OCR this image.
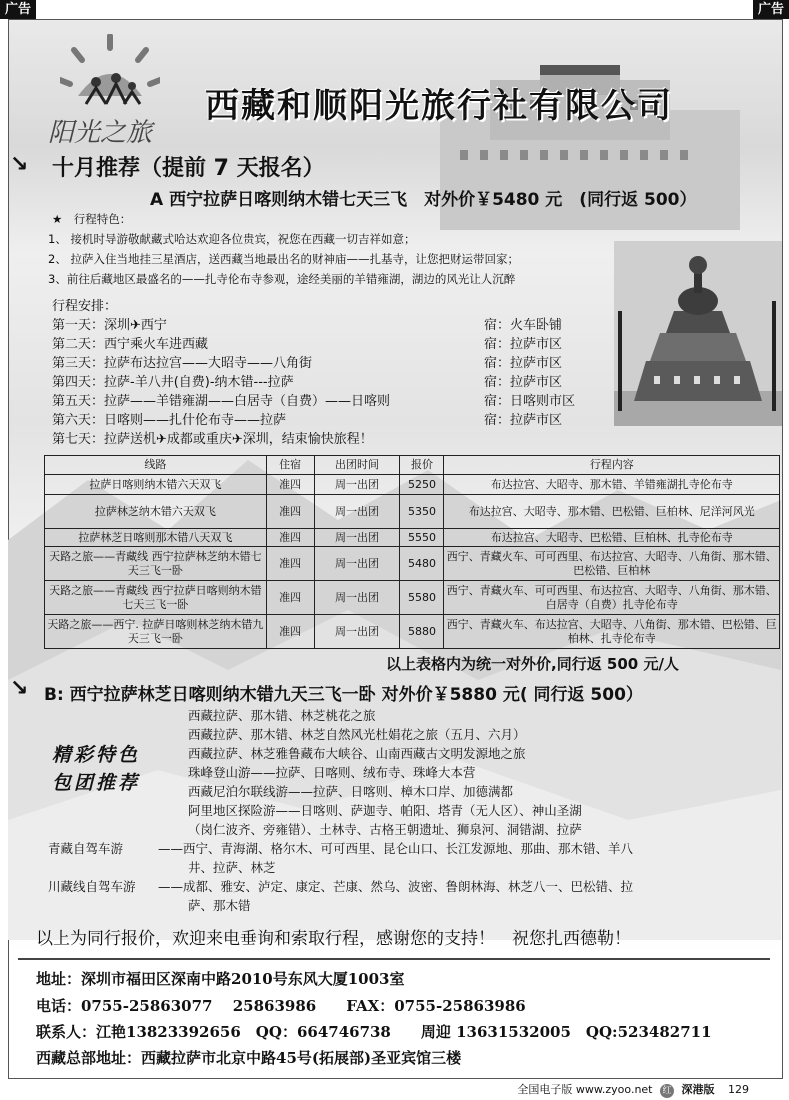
广告	广告
阳光之旅
西藏和顺阳光旅行社有限公司
↘ 十月推荐（提前 7 天报名）
A 西宁拉萨日喀则纳木错七天三飞　对外价￥5480 元　(同行返 500）
★　行程特色：
1、 接机时导游敬献藏式哈达欢迎各位贵宾，祝您在西藏一切吉祥如意；
2、 拉萨入住当地挂三星酒店，送西藏当地最出名的财神庙——扎基寺，让您把财运带回家；
3、前往后藏地区最盛名的——扎寺伦布寺参观，途经美丽的羊错雍湖，湖边的风光让人沉醉
行程安排：
第一天：深圳✈西宁	宿：火车卧铺
第二天：西宁乘火车进西藏	宿：拉萨市区
第三天：拉萨布达拉宫——大昭寺——八角街	宿：拉萨市区
第四天：拉萨-羊八井(自费)-纳木错---拉萨	宿：拉萨市区
第五天：拉萨——羊错雍湖——白居寺（自费）——日喀则	宿：日喀则市区
第六天：日喀则——扎什伦布寺——拉萨	宿：拉萨市区
第七天：拉萨送机✈成都或重庆✈深圳，结束愉快旅程！
线路	住宿	出团时间	报价	行程内容
拉萨日喀则纳木错六天双飞	准四	周一出团	5250	布达拉宫、大昭寺、那木错、羊错雍湖扎寺伦布寺
拉萨林芝纳木错六天双飞	准四	周一出团	5350	布达拉宫、大昭寺、那木错、巴松错、巨柏林、尼洋河风光
拉萨林芝日喀则那木错八天双飞	准四	周一出团	5550	布达拉宫、大昭寺、巴松错、巨柏林、扎寺伦布寺
天路之旅——青藏线 西宁拉萨林芝纳木错七天三飞一卧	准四	周一出团	5480	西宁、青藏火车、可可西里、布达拉宫、大昭寺、八角街、那木错、巴松错、巨柏林
天路之旅——青藏线 西宁拉萨日喀则纳木错七天三飞一卧	准四	周一出团	5580	西宁、青藏火车、可可西里、布达拉宫、大昭寺、八角街、那木错、白居寺（自费）扎寺伦布寺
天路之旅——西宁. 拉萨日喀则林芝纳木错九天三飞一卧	准四	周一出团	5880	西宁、青藏火车、布达拉宫、大昭寺、八角街、那木错、巴松错、巨柏林、扎寺伦布寺
以上表格内为统一对外价,同行返 500 元/人
↘ B: 西宁拉萨林芝日喀则纳木错九天三飞一卧 对外价￥5880 元( 同行返 500）
西藏拉萨、那木错、林芝桃花之旅
西藏拉萨、那木错、林芝自然风光杜娟花之旅（五月、六月）
西藏拉萨、林芝雅鲁藏布大峡谷、山南西藏古文明发源地之旅
珠峰登山游——拉萨、日喀则、绒布寺、珠峰大本营
西藏尼泊尔联线游——拉萨、日喀则、樟木口岸、加德满都
阿里地区探险游——日喀则、萨迦寺、帕阳、塔青（无人区）、神山圣湖
（岗仁波齐、旁雍错）、土林寺、古格王朝遗址、狮泉河、洞错湖、拉萨
精彩特色
包团推荐
青藏自驾车游	——西宁、青海湖、格尔木、可可西里、昆仑山口、长江发源地、那曲、那木错、羊八
井、拉萨、林芝
川藏线自驾车游 ——成都、雅安、泸定、康定、芒康、然乌、波密、鲁朗林海、林芝八一、巴松错、拉
萨、那木错
以上为同行报价，欢迎来电垂询和索取行程，感谢您的支持！　祝您扎西德勒！
地址：深圳市福田区深南中路2010号东风大厦1003室
电话：0755-25863077　 25863986　　FAX：0755-25863986
联系人：江艳13823392656　QQ：664746738　　周迎 13631532005　QQ:523482711
西藏总部地址：西藏拉萨市北京中路45号(拓展部)圣亚宾馆三楼
全国电子版 www.zyoo.net 红 深港版 129
